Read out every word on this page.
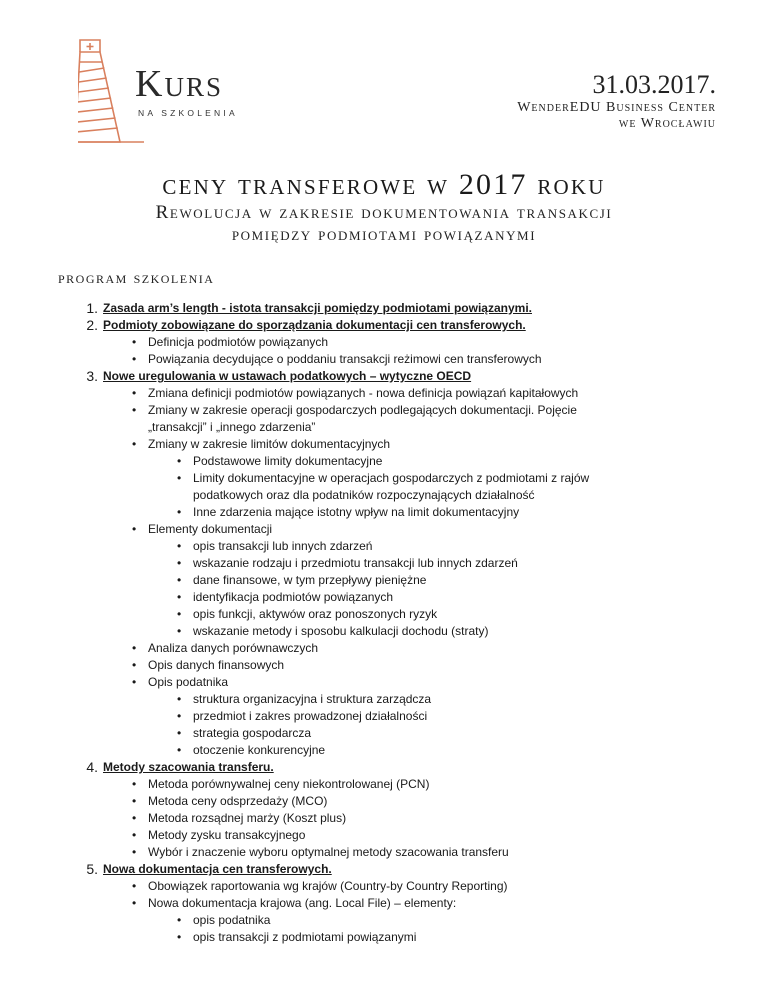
Kurs
NA SZKOLENIA
31.03.2017.
WenderEDU Business Center
we Wrocławiu
ceny transferowe w 2017 roku
Rewolucja w zakresie dokumentowania transakcji
pomiędzy podmiotami powiązanymi
program szkolenia
1. Zasada arm’s length - istota transakcji pomiędzy podmiotami powiązanymi.
2. Podmioty zobowiązane do sporządzania dokumentacji cen transferowych.
• Definicja podmiotów powiązanych
• Powiązania decydujące o poddaniu transakcji reżimowi cen transferowych
3. Nowe uregulowania w ustawach podatkowych – wytyczne OECD
• Zmiana definicji podmiotów powiązanych - nowa definicja powiązań kapitałowych
• Zmiany w zakresie operacji gospodarczych podlegających dokumentacji. Pojęcie
„transakcji” i „innego zdarzenia”
• Zmiany w zakresie limitów dokumentacyjnych
• Podstawowe limity dokumentacyjne
• Limity dokumentacyjne w operacjach gospodarczych z podmiotami z rajów
podatkowych oraz dla podatników rozpoczynających działalność
• Inne zdarzenia mające istotny wpływ na limit dokumentacyjny
• Elementy dokumentacji
• opis transakcji lub innych zdarzeń
• wskazanie rodzaju i przedmiotu transakcji lub innych zdarzeń
• dane finansowe, w tym przepływy pieniężne
• identyfikacja podmiotów powiązanych
• opis funkcji, aktywów oraz ponoszonych ryzyk
• wskazanie metody i sposobu kalkulacji dochodu (straty)
• Analiza danych porównawczych
• Opis danych finansowych
• Opis podatnika
• struktura organizacyjna i struktura zarządcza
• przedmiot i zakres prowadzonej działalności
• strategia gospodarcza
• otoczenie konkurencyjne
4. Metody szacowania transferu.
• Metoda porównywalnej ceny niekontrolowanej (PCN)
• Metoda ceny odsprzedaży (MCO)
• Metoda rozsądnej marży (Koszt plus)
• Metody zysku transakcyjnego
• Wybór i znaczenie wyboru optymalnej metody szacowania transferu
5. Nowa dokumentacja cen transferowych.
• Obowiązek raportowania wg krajów (Country-by Country Reporting)
• Nowa dokumentacja krajowa (ang. Local File) – elementy:
• opis podatnika
• opis transakcji z podmiotami powiązanymi
